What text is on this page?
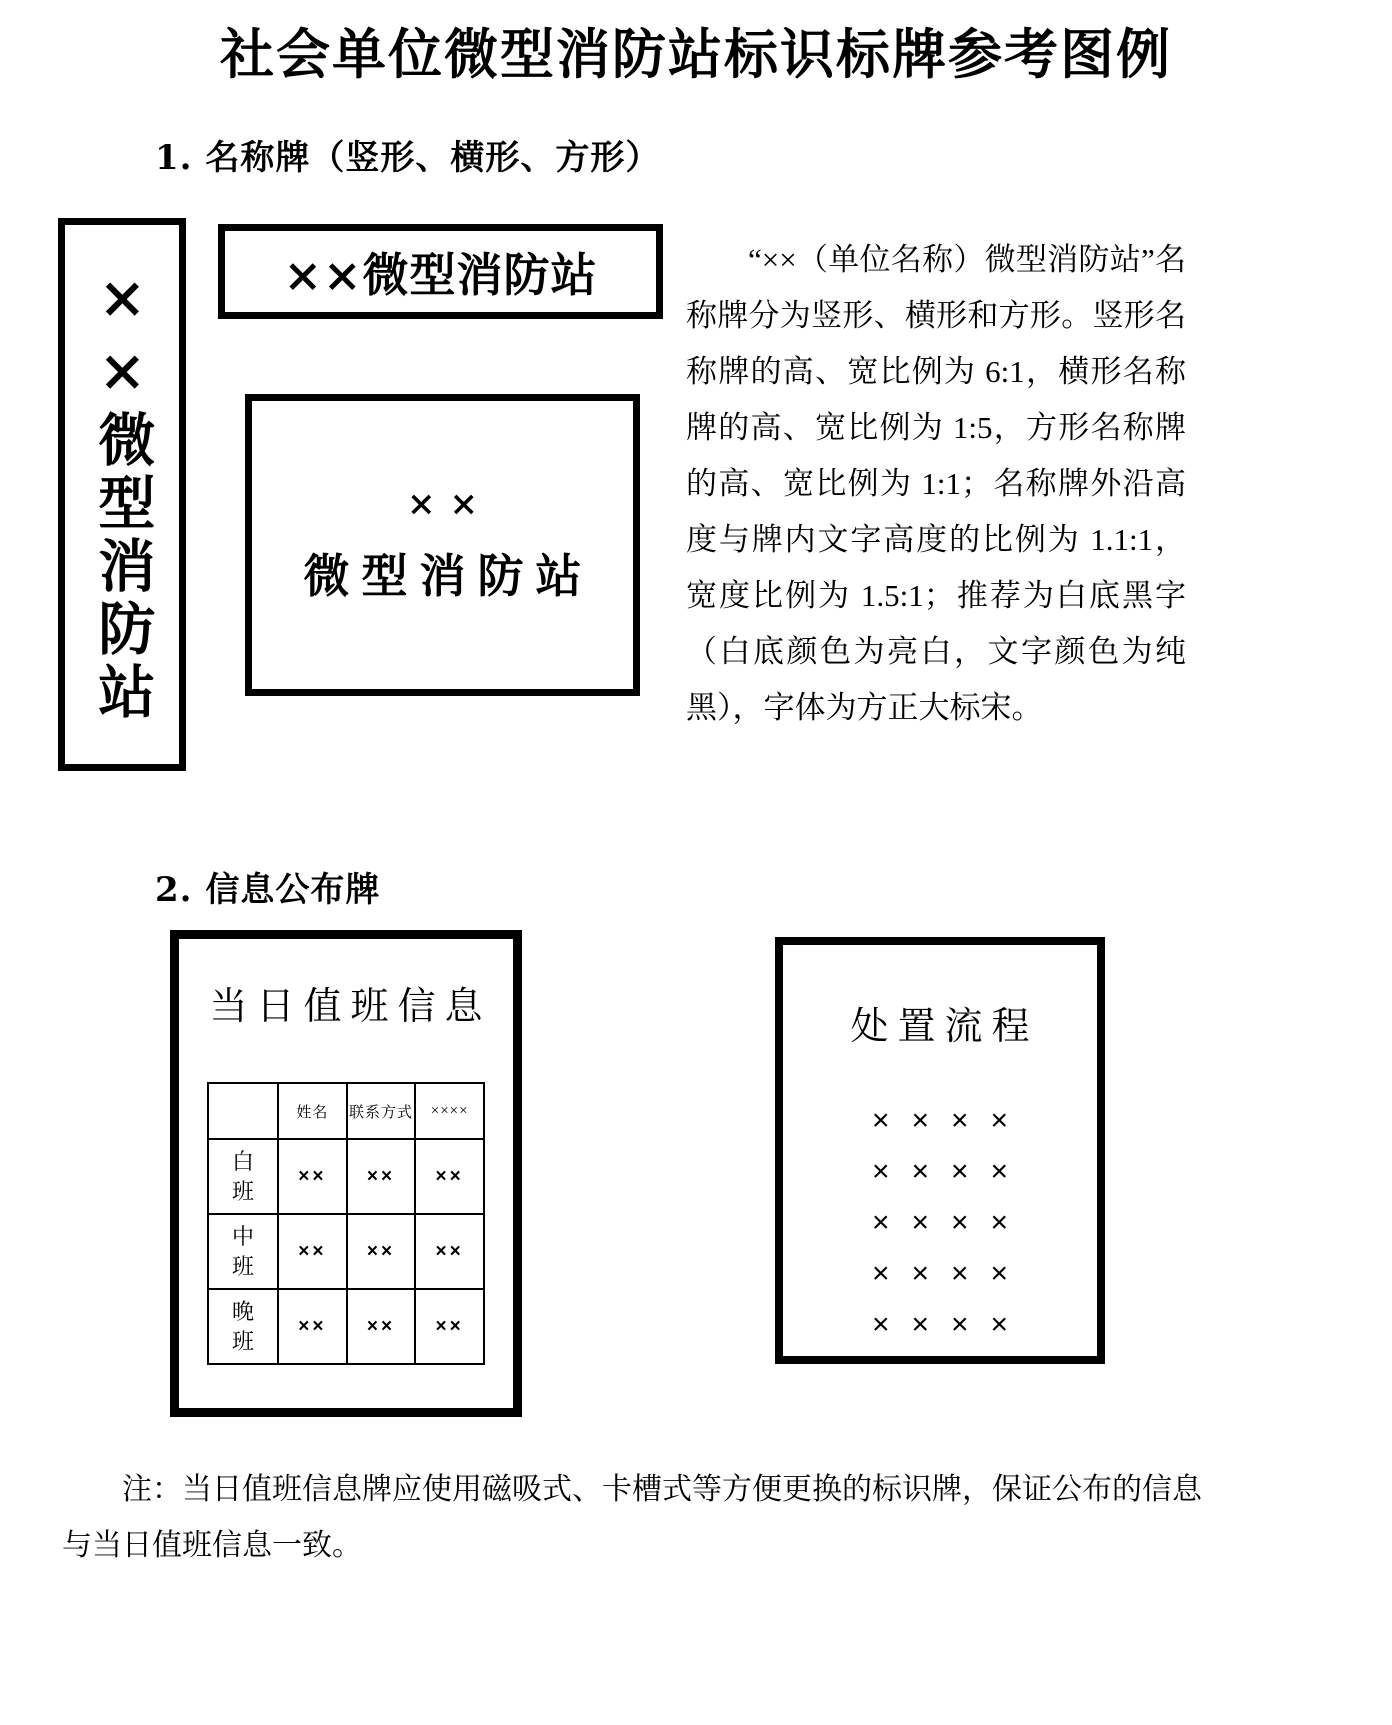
社会单位微型消防站标识标牌参考图例
1. 名称牌（竖形、横形、方形）
××微型消防站	××微型消防站
××
微型消防站
“××（单位名称）微型消防站”名称牌分为竖形、横形和方形。竖形名称牌的高、宽比例为 6:1，横形名称牌的高、宽比例为 1:5，方形名称牌的高、宽比例为 1:1；名称牌外沿高度与牌内文字高度的比例为 1.1:1，宽度比例为 1.5:1；推荐为白底黑字（白底颜色为亮白，文字颜色为纯黑），字体为方正大标宋。
2. 信息公布牌
当日值班信息
	姓名	联系方式	××××

白
班	××	××	××

中
班	××	××	××

晚
班	××	××	××
处置流程
××××
××××
××××
××××
××××
注：当日值班信息牌应使用磁吸式、卡槽式等方便更换的标识牌，保证公布的信息与当日值班信息一致。
